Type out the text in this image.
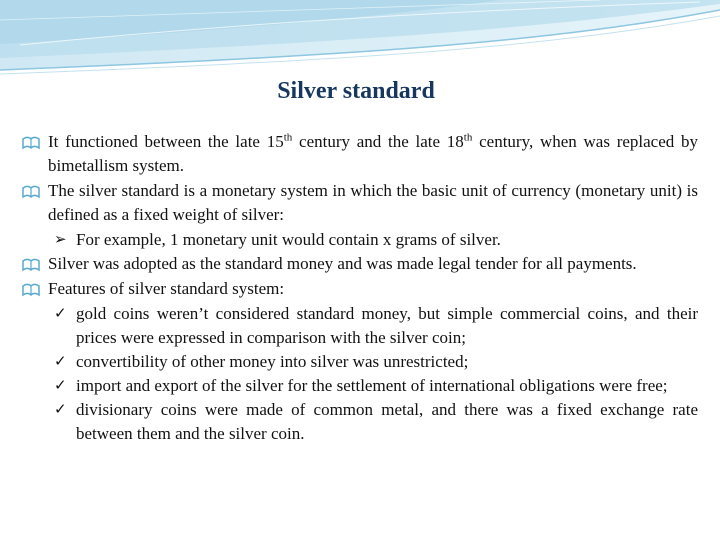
Silver standard
It functioned between the late 15th century and the late 18th century, when was replaced by bimetallism system.
The silver standard is a monetary system in which the basic unit of currency (monetary unit) is defined as a fixed weight of silver:
➢ For example, 1 monetary unit would contain x grams of silver.
Silver was adopted as the standard money and was made legal tender for all payments.
Features of silver standard system:
✓ gold coins weren’t considered standard money, but simple commercial coins, and their prices were expressed in comparison with the silver coin;
✓ convertibility of other money into silver was unrestricted;
✓ import and export of the silver for the settlement of international obligations were free;
✓ divisionary coins were made of common metal, and there was a fixed exchange rate between them and the silver coin.
